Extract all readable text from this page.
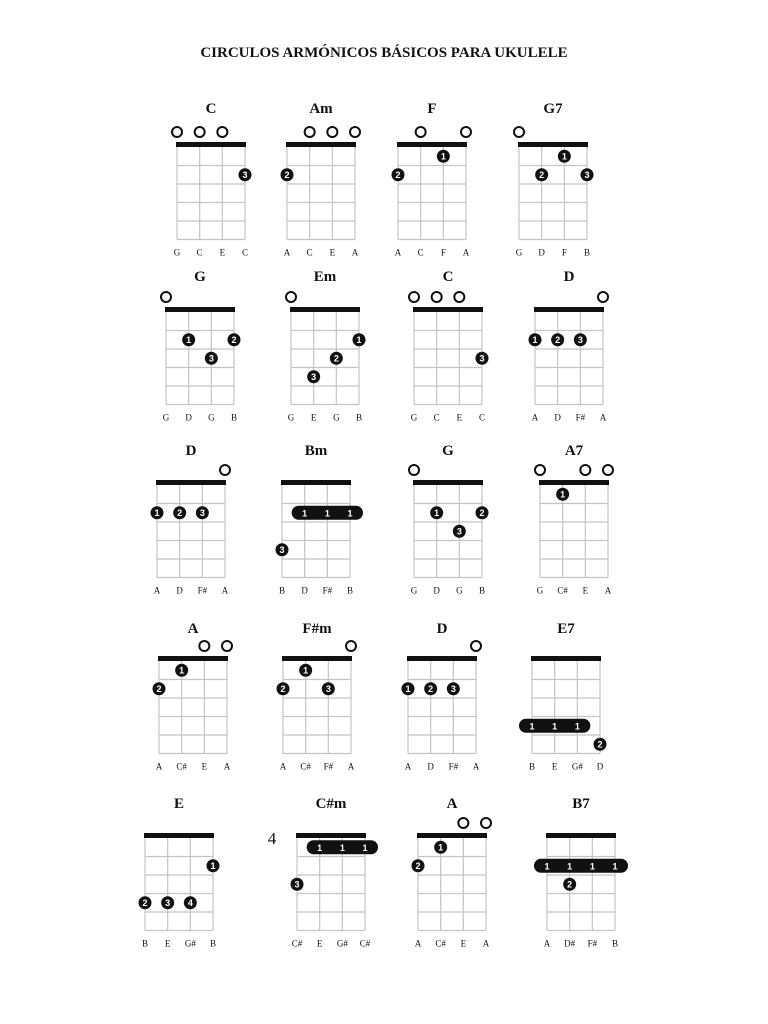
CIRCULOS ARMÓNICOS BÁSICOS PARA UKULELE
C
3
G C E C
Am
2
A C E A
F
1
2
A C F A
G7
1
2	3
G D F B
G
1	2
3
G D G B
Em
1
2
3
G E G B
C
3
G C E C
D
1 2 3
A D F# A
D
1 2 3
A D F# A
Bm
1 1 1
3
B D F# B
G
1	2
3
G D G B
A7
1
G C# E A
A
1
2
A C# E A
F#m
1
2	3
A C# F# A
D
1 2 3
A D F# A
E7
1 1 1
2
B E G# D
E
1
2 3 4
B E G# B
C#m
4	1 1 1
3
C# E G# C#
A
1
2
A C# E A
B7
1 1 1 1
2
A D# F# B
